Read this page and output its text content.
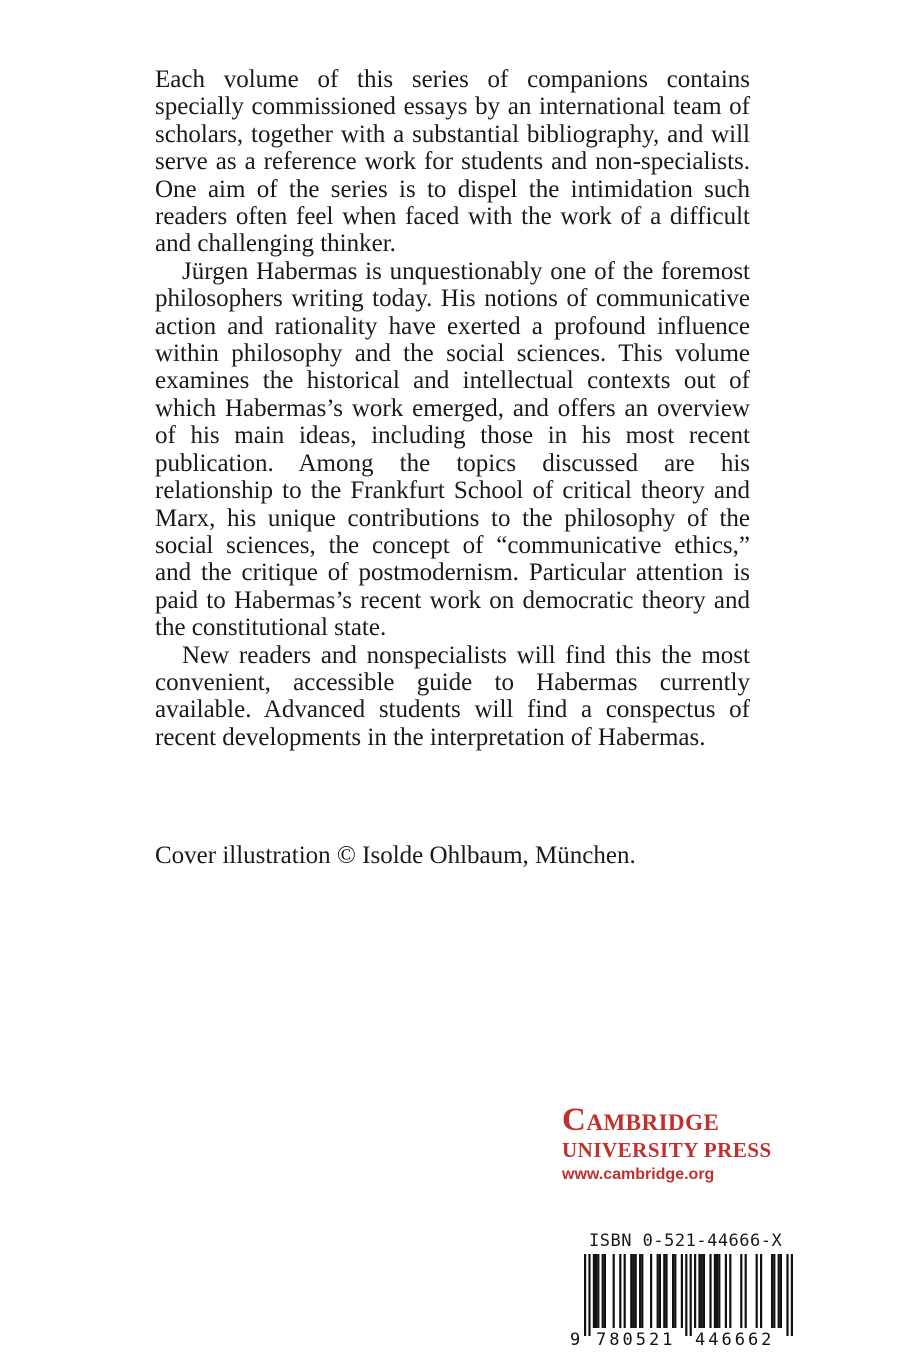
Each volume of this series of companions contains specially commissioned essays by an international team of scholars, together with a substantial bibliography, and will serve as a reference work for students and non-specialists. One aim of the series is to dispel the intimidation such readers often feel when faced with the work of a difficult and challenging thinker.

Jürgen Habermas is unquestionably one of the foremost philosophers writing today. His notions of communicative action and rationality have exerted a profound influence within philosophy and the social sciences. This volume examines the historical and intellectual contexts out of which Habermas’s work emerged, and offers an overview of his main ideas, including those in his most recent publication. Among the topics discussed are his relationship to the Frankfurt School of critical theory and Marx, his unique contributions to the philosophy of the social sciences, the concept of “communicative ethics,” and the critique of postmodernism. Particular attention is paid to Habermas’s recent work on democratic theory and the constitutional state.

New readers and nonspecialists will find this the most convenient, accessible guide to Habermas currently available. Advanced students will find a conspectus of recent developments in the interpretation of Habermas.

Cover illustration © Isolde Ohlbaum, München.
Cambridge
UNIVERSITY PRESS
www.cambridge.org
ISBN 0-521-44666-X
9 780521 446662
